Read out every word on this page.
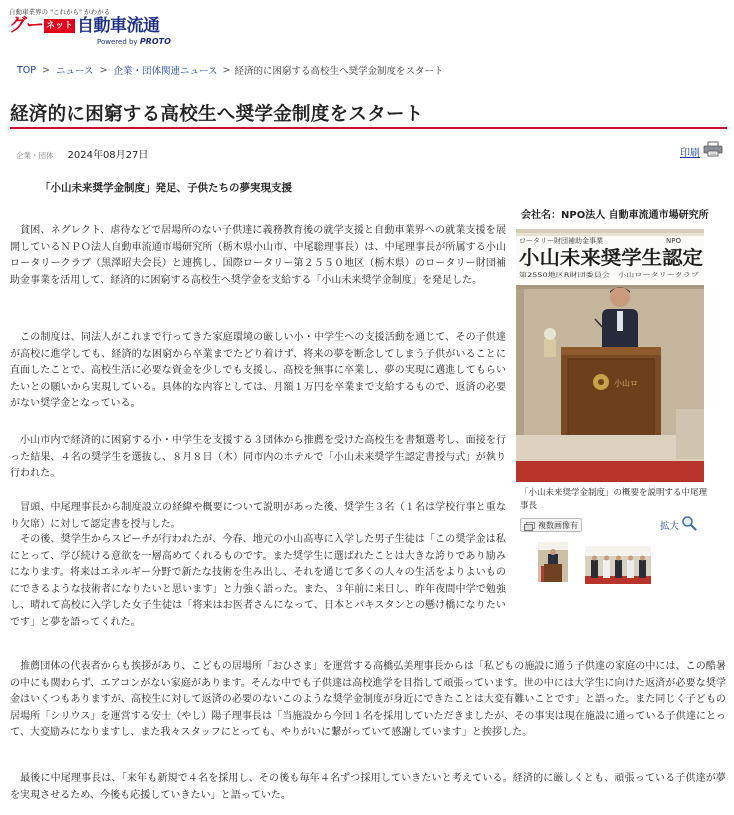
自動車業界の "これから" がわかる
グー ネット 自動車流通
Powered by PROTO
TOP > ニュース > 企業・団体関連ニュース > 経済的に困窮する高校生へ奨学金制度をスタート
経済的に困窮する高校生へ奨学金制度をスタート
企業・団体 2024年08月27日	印刷
「小山未来奨学金制度」発足、子供たちの夢実現支援
会社名：NPO法人 自動車流通市場研究所
ロータリー財団補助金事業	NPO
小山未来奨学生認定
第2550地区R財団委員会　小山ロータリークラブ
小山ロ
「小山未来奨学金制度」の概要を説明する中尾理事長
複数画像有	拡大

　貧困、ネグレクト、虐待などで居場所のない子供達に義務教育後の就学支援と自動車業界への就業支援を展開しているＮＰＯ法人自動車流通市場研究所（栃木県小山市、中尾聡理事長）は、中尾理事長が所属する小山ロータリークラブ（黒澤昭夫会長）と連携し、国際ロータリー第２５５０地区（栃木県）のロータリー財団補助金事業を活用して、経済的に困窮する高校生へ奨学金を支給する「小山未来奨学金制度」を発足した。

　この制度は、同法人がこれまで行ってきた家庭環境の厳しい小・中学生への支援活動を通じて、その子供達が高校に進学しても、経済的な困窮から卒業までたどり着けず、将来の夢を断念してしまう子供がいることに直面したことで、高校生活に必要な資金を少しでも支援し、高校を無事に卒業し、夢の実現に邁進してもらいたいとの願いから実現している。具体的な内容としては、月額１万円を卒業まで支給するもので、返済の必要がない奨学金となっている。

　小山市内で経済的に困窮する小・中学生を支援する３団体から推薦を受けた高校生を書類選考し、面接を行った結果、４名の奨学生を選抜し、８月８日（木）同市内のホテルで「小山未来奨学生認定書授与式」が執り行われた。

　冒頭、中尾理事長から制度設立の経緯や概要について説明があった後、奨学生３名（１名は学校行事と重なり欠席）に対して認定書を授与した。

　その後、奨学生からスピーチが行われたが、今春、地元の小山高専に入学した男子生徒は「この奨学金は私にとって、学び続ける意欲を一層高めてくれるものです。また奨学生に選ばれたことは大きな誇りであり励みになります。将来はエネルギー分野で新たな技術を生み出し、それを通じて多くの人々の生活をよりよいものにできるような技術者になりたいと思います」と力強く語った。また、３年前に来日し、昨年夜間中学で勉強し、晴れて高校に入学した女子生徒は「将来はお医者さんになって、日本とパキスタンとの懸け橋になりたいです」と夢を語ってくれた。

　推薦団体の代表者からも挨拶があり、こどもの居場所「おひさま」を運営する高橋弘美理事長からは「私どもの施設に通う子供達の家庭の中には、この酷暑の中にも関わらず、エアコンがない家庭があります。そんな中でも子供達は高校進学を目指して頑張っています。世の中には大学生に向けた返済が必要な奨学金はいくつもありますが、高校生に対して返済の必要のないこのような奨学金制度が身近にできたことは大変有難いことです」と語った。また同じく子どもの居場所「シリウス」を運営する安士（やし）陽子理事長は「当施設から今回１名を採用していただきましたが、その事実は現在施設に通っている子供達にとって、大変励みになりますし、また我々スタッフにとっても、やりがいに繋がっていて感謝しています」と挨拶した。

　最後に中尾理事長は、「来年も新規で４名を採用し、その後も毎年４名ずつ採用していきたいと考えている。経済的に厳しくとも、頑張っている子供達が夢を実現させるため、今後も応援していきたい」と語っていた。
